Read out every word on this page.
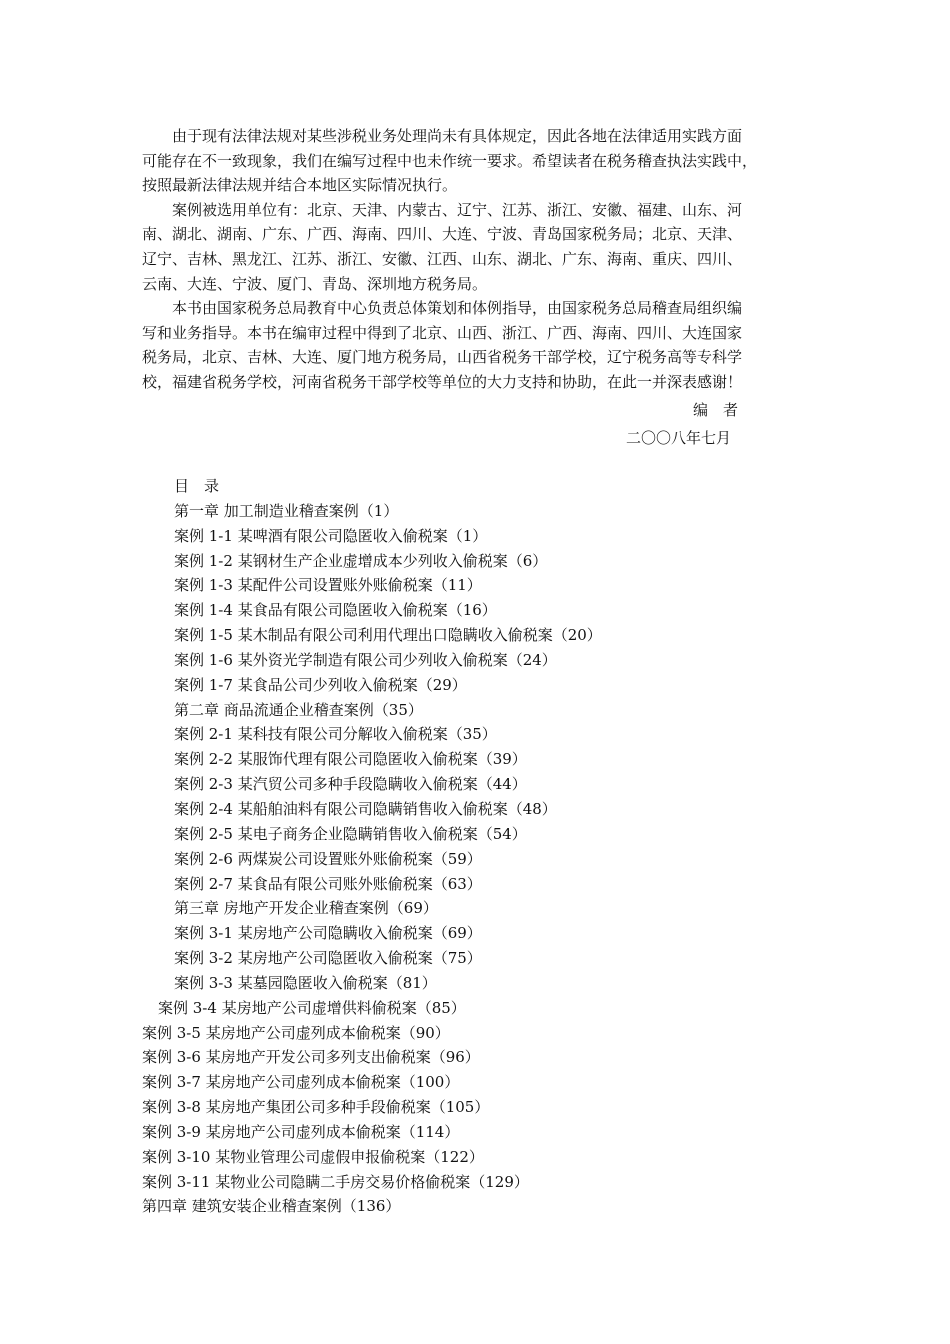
由于现有法律法规对某些涉税业务处理尚未有具体规定，因此各地在法律适用实践方面
可能存在不一致现象，我们在编写过程中也未作统一要求。希望读者在税务稽查执法实践中，
按照最新法律法规并结合本地区实际情况执行。
案例被选用单位有：北京、天津、内蒙古、辽宁、江苏、浙江、安徽、福建、山东、河
南、湖北、湖南、广东、广西、海南、四川、大连、宁波、青岛国家税务局；北京、天津、
辽宁、吉林、黑龙江、江苏、浙江、安徽、江西、山东、湖北、广东、海南、重庆、四川、
云南、大连、宁波、厦门、青岛、深圳地方税务局。
本书由国家税务总局教育中心负责总体策划和体例指导，由国家税务总局稽查局组织编
写和业务指导。本书在编审过程中得到了北京、山西、浙江、广西、海南、四川、大连国家
税务局，北京、吉林、大连、厦门地方税务局，山西省税务干部学校，辽宁税务高等专科学
校，福建省税务学校，河南省税务干部学校等单位的大力支持和协助，在此一并深表感谢！
编　者
二〇〇八年七月
目　录
第一章 加工制造业稽查案例（1）
案例 1-1 某啤酒有限公司隐匿收入偷税案（1）
案例 1-2 某钢材生产企业虚增成本少列收入偷税案（6）
案例 1-3 某配件公司设置账外账偷税案（11）
案例 1-4 某食品有限公司隐匿收入偷税案（16）
案例 1-5 某木制品有限公司利用代理出口隐瞒收入偷税案（20）
案例 1-6 某外资光学制造有限公司少列收入偷税案（24）
案例 1-7 某食品公司少列收入偷税案（29）
第二章 商品流通企业稽查案例（35）
案例 2-1 某科技有限公司分解收入偷税案（35）
案例 2-2 某服饰代理有限公司隐匿收入偷税案（39）
案例 2-3 某汽贸公司多种手段隐瞒收入偷税案（44）
案例 2-4 某船舶油料有限公司隐瞒销售收入偷税案（48）
案例 2-5 某电子商务企业隐瞒销售收入偷税案（54）
案例 2-6 两煤炭公司设置账外账偷税案（59）
案例 2-7 某食品有限公司账外账偷税案（63）
第三章 房地产开发企业稽查案例（69）
案例 3-1 某房地产公司隐瞒收入偷税案（69）
案例 3-2 某房地产公司隐匿收入偷税案（75）
案例 3-3 某墓园隐匿收入偷税案（81）
案例 3-4 某房地产公司虚增供料偷税案（85）
案例 3-5 某房地产公司虚列成本偷税案（90）
案例 3-6 某房地产开发公司多列支出偷税案（96）
案例 3-7 某房地产公司虚列成本偷税案（100）
案例 3-8 某房地产集团公司多种手段偷税案（105）
案例 3-9 某房地产公司虚列成本偷税案（114）
案例 3-10 某物业管理公司虚假申报偷税案（122）
案例 3-11 某物业公司隐瞒二手房交易价格偷税案（129）
第四章 建筑安装企业稽查案例（136）
